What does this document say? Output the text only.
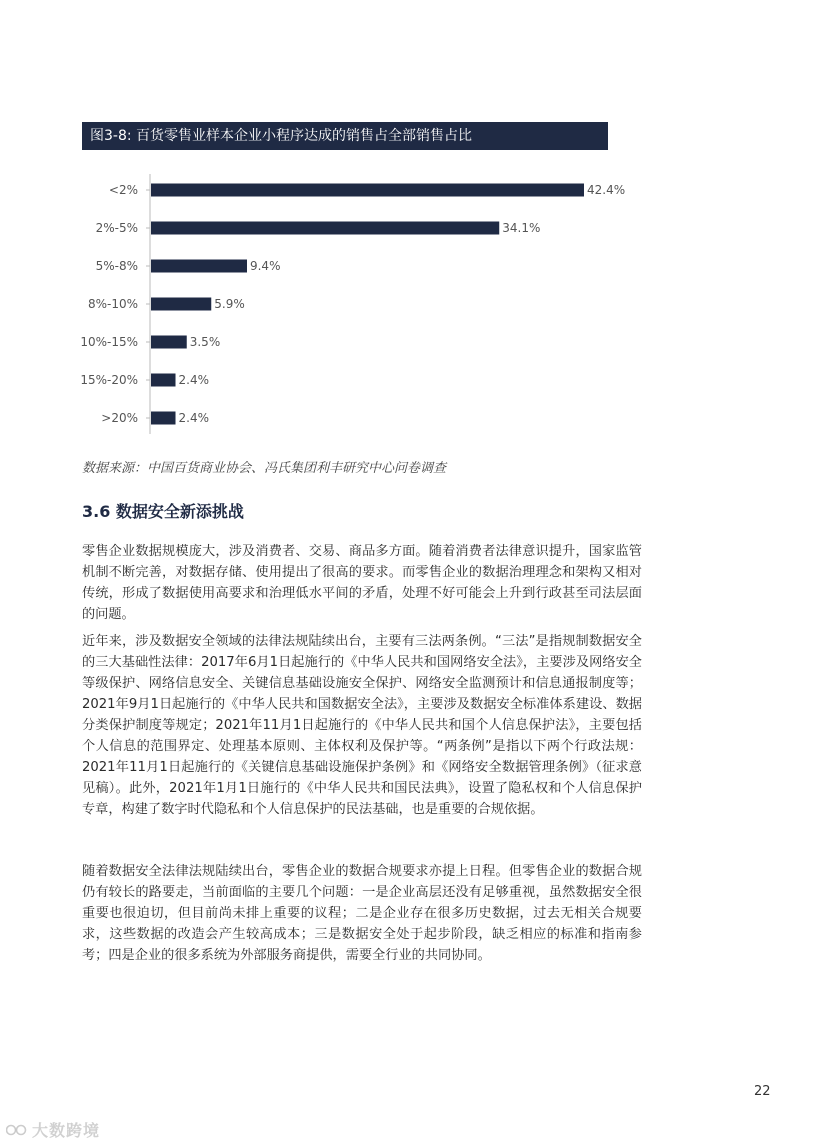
图3-8: 百货零售业样本企业小程序达成的销售占全部销售占比
<2%	42.4%
2%-5%	34.1%
5%-8%	9.4%
8%-10%	5.9%
10%-15%	3.5%
15%-20%	2.4%
>20%	2.4%
数据来源：中国百货商业协会、冯氏集团利丰研究中心问卷调查
3.6 数据安全新添挑战

零售企业数据规模庞大，涉及消费者、交易、商品多方面。随着消费者法律意识提升，国家监管机制不断完善，对数据存储、使用提出了很高的要求。而零售企业的数据治理理念和架构又相对传统，形成了数据使用高要求和治理低水平间的矛盾，处理不好可能会上升到行政甚至司法层面的问题。

近年来，涉及数据安全领域的法律法规陆续出台，主要有三法两条例。“三法”是指规制数据安全的三大基础性法律：2017年6月1日起施行的《中华人民共和国网络安全法》，主要涉及网络安全等级保护、网络信息安全、关键信息基础设施安全保护、网络安全监测预计和信息通报制度等；2021年9月1日起施行的《中华人民共和国数据安全法》，主要涉及数据安全标准体系建设、数据分类保护制度等规定；2021年11月1日起施行的《中华人民共和国个人信息保护法》，主要包括个人信息的范围界定、处理基本原则、主体权利及保护等。“两条例”是指以下两个行政法规：2021年11月1日起施行的《关键信息基础设施保护条例》和《网络安全数据管理条例》（征求意见稿）。此外，2021年1月1日施行的《中华人民共和国民法典》，设置了隐私权和个人信息保护专章，构建了数字时代隐私和个人信息保护的民法基础，也是重要的合规依据。

随着数据安全法律法规陆续出台，零售企业的数据合规要求亦提上日程。但零售企业的数据合规仍有较长的路要走，当前面临的主要几个问题：一是企业高层还没有足够重视，虽然数据安全很重要也很迫切，但目前尚未排上重要的议程；二是企业存在很多历史数据，过去无相关合规要求，这些数据的改造会产生较高成本；三是数据安全处于起步阶段，缺乏相应的标准和指南参考；四是企业的很多系统为外部服务商提供，需要全行业的共同协同。

22
大数跨境
